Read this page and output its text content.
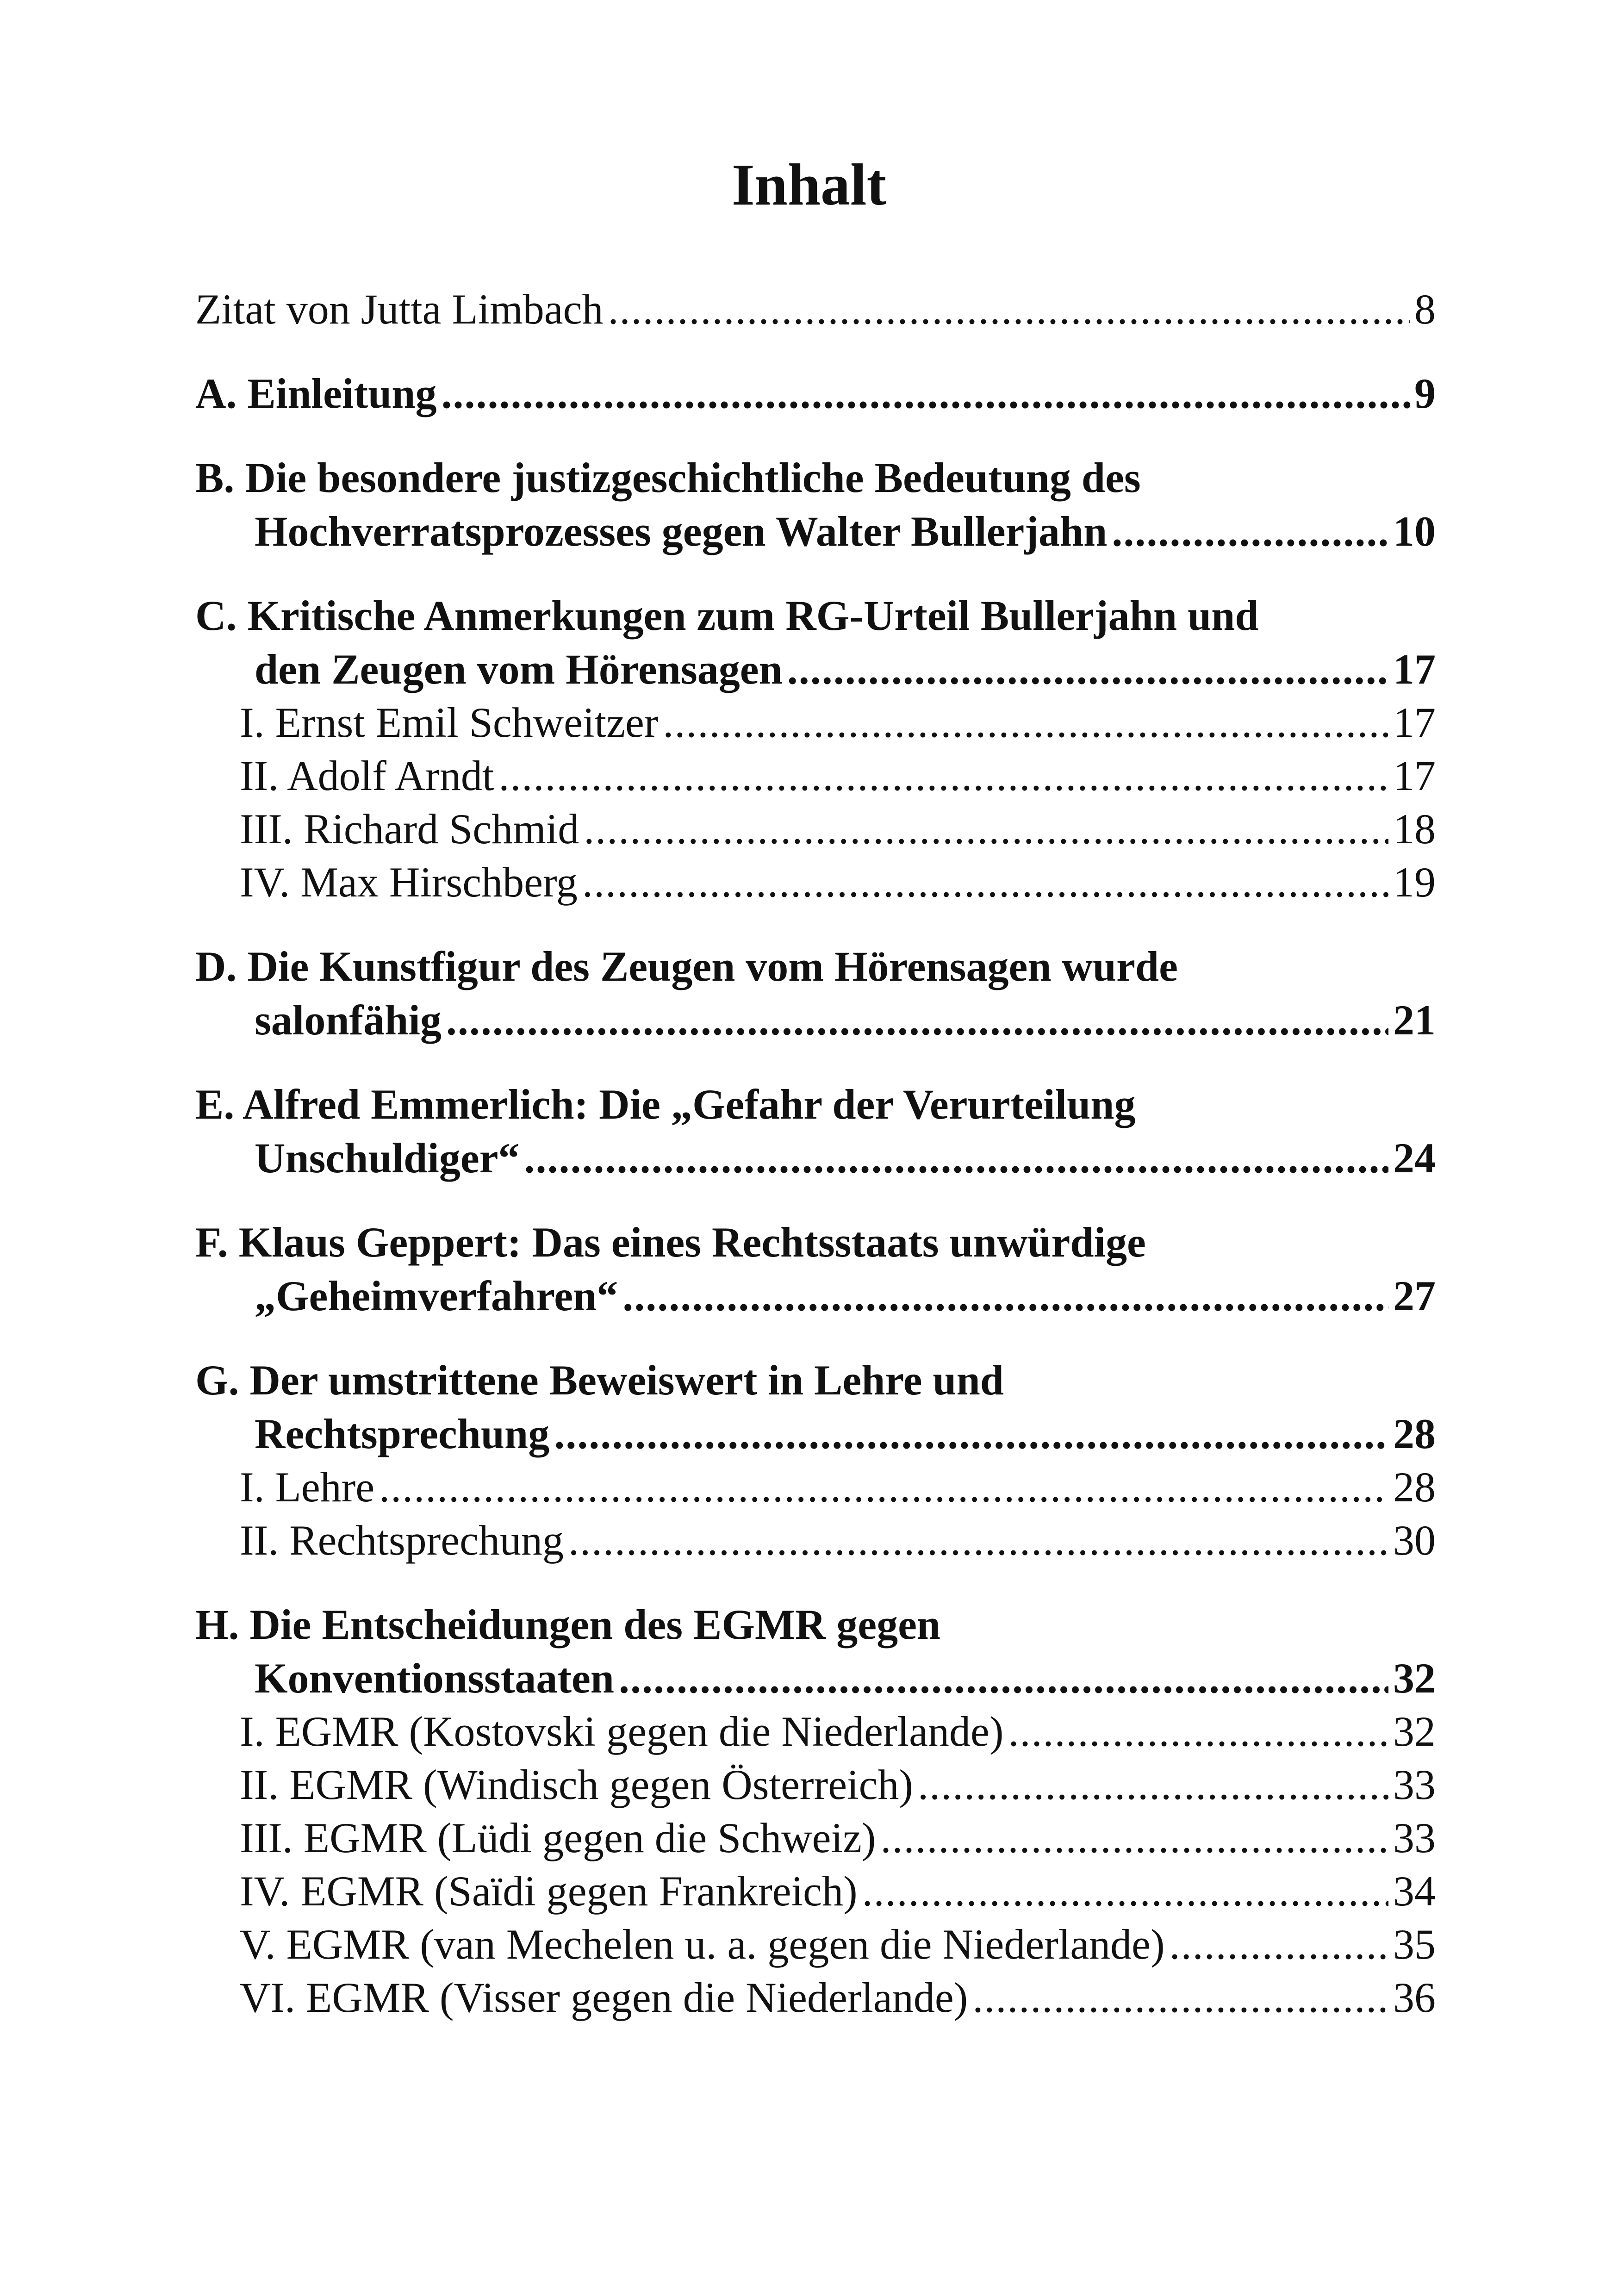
Inhalt
Zitat von Jutta Limbach .....	8
A. Einleitung .....	9
B. Die besondere justizgeschichtliche Bedeutung des
Hochverratsprozesses gegen Walter Bullerjahn .....	10
C. Kritische Anmerkungen zum RG-Urteil Bullerjahn und
den Zeugen vom Hörensagen .....	17
I. Ernst Emil Schweitzer .....	17
II. Adolf Arndt .....	17
III. Richard Schmid .....	18
IV. Max Hirschberg .....	19
D. Die Kunstfigur des Zeugen vom Hörensagen wurde
salonfähig .....	21
E. Alfred Emmerlich: Die „Gefahr der Verurteilung
Unschuldiger“ .....	24
F. Klaus Geppert: Das eines Rechtsstaats unwürdige
„Geheimverfahren“ .....	27
G. Der umstrittene Beweiswert in Lehre und
Rechtsprechung .....	28
I. Lehre .....	28
II. Rechtsprechung .....	30
H. Die Entscheidungen des EGMR gegen
Konventionsstaaten .....	32
I. EGMR (Kostovski gegen die Niederlande) .....	32
II. EGMR (Windisch gegen Österreich) .....	33
III. EGMR (Lüdi gegen die Schweiz) .....	33
IV. EGMR (Saïdi gegen Frankreich) .....	34
V. EGMR (van Mechelen u. a. gegen die Niederlande) .....	35
VI. EGMR (Visser gegen die Niederlande) .....	36
